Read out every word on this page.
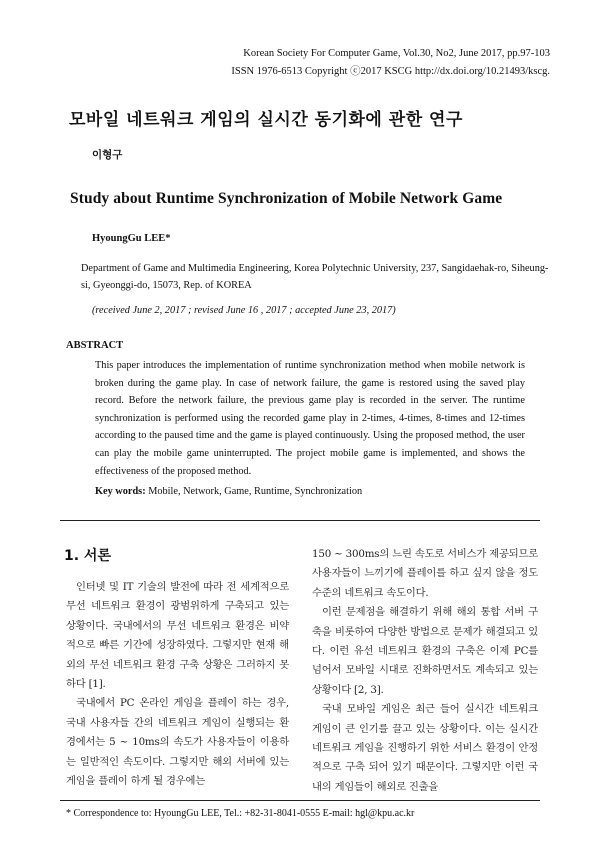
Korean Society For Computer Game, Vol.30, No2, June 2017, pp.97-103
ISSN 1976-6513 Copyright ⓒ2017 KSCG http://dx.doi.org/10.21493/kscg.
모바일 네트워크 게임의 실시간 동기화에 관한 연구
이형구
Study about Runtime Synchronization of Mobile Network Game
HyoungGu LEE*
Department of Game and Multimedia Engineering, Korea Polytechnic University, 237, Sangidaehak-ro, Siheung-si, Gyeonggi-do, 15073, Rep. of KOREA
(received June 2, 2017 ; revised June 16 , 2017 ; accepted June 23, 2017)
ABSTRACT
This paper introduces the implementation of runtime synchronization method when mobile network is broken during the game play. In case of network failure, the game is restored using the saved play record. Before the network failure, the previous game play is recorded in the server. The runtime synchronization is performed using the recorded game play in 2-times, 4-times, 8-times and 12-times according to the paused time and the game is played continuously. Using the proposed method, the user can play the mobile game uninterrupted. The project mobile game is implemented, and shows the effectiveness of the proposed method.
Key words: Mobile, Network, Game, Runtime, Synchronization
1. 서론

인터넷 및 IT 기술의 발전에 따라 전 세계적으로 무선 네트워크 환경이 광범위하게 구축되고 있는 상황이다. 국내에서의 무선 네트워크 환경은 비약적으로 빠른 기간에 성장하였다. 그렇지만 현재 해외의 무선 네트워크 환경 구축 상황은 그러하지 못하다 [1].

국내에서 PC 온라인 게임을 플레이 하는 경우, 국내 사용자들 간의 네트워크 게임이 실행되는 환경에서는 5 ~ 10ms의 속도가 사용자들이 이용하는 일반적인 속도이다. 그렇지만 해외 서버에 있는 게임을 플레이 하게 될 경우에는

150 ~ 300ms의 느린 속도로 서비스가 제공되므로 사용자들이 느끼기에 플레이를 하고 싶지 않을 정도 수준의 네트워크 속도이다.

이런 문제점을 해결하기 위해 해외 통합 서버 구축을 비롯하여 다양한 방법으로 문제가 해결되고 있다. 이런 유선 네트워크 환경의 구축은 이제 PC를 넘어서 모바일 시대로 진화하면서도 계속되고 있는 상황이다 [2, 3].

국내 모바일 게임은 최근 들어 실시간 네트워크 게임이 큰 인기를 끌고 있는 상황이다. 이는 실시간 네트워크 게임을 진행하기 위한 서비스 환경이 안정적으로 구축 되어 있기 때문이다. 그렇지만 이런 국내의 게임들이 해외로 진출을

* Correspondence to: HyoungGu LEE, Tel.: +82-31-8041-0555 E-mail: hgl@kpu.ac.kr
